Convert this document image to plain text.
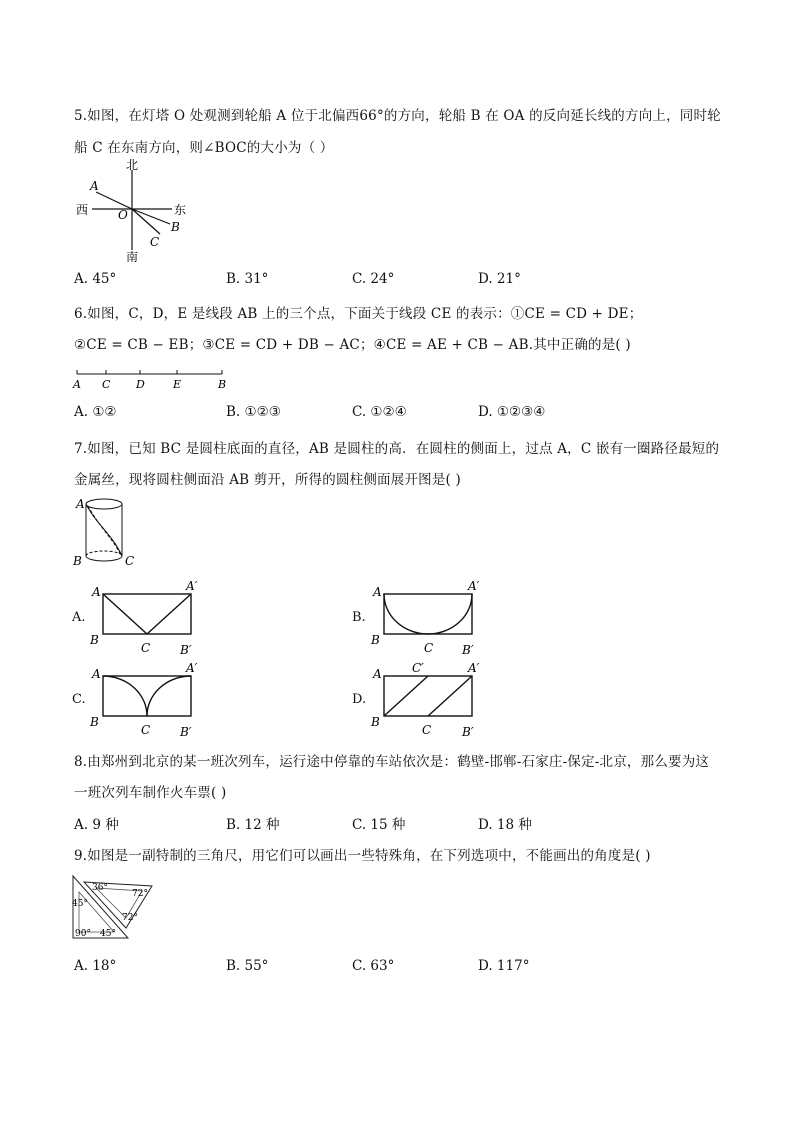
5.如图，在灯塔 O 处观测到轮船 A 位于北偏西66°的方向，轮船 B 在 OA 的反向延长线的方向上，同时轮
船 C 在东南方向，则∠BOC的大小为（ ）
北
南
西	东
A
O
B
C
A. 45°	B. 31°	C. 24°	D. 21°
6.如图，C，D，E 是线段 AB 上的三个点，下面关于线段 CE 的表示：①CE = CD + DE；
②CE = CB − EB；③CE = CD + DB − AC；④CE = AE + CB − AB.其中正确的是( )
A C D	E	B
A. ①②	B. ①②③	C. ①②④	D. ①②③④
7.如图，已知 BC 是圆柱底面的直径，AB 是圆柱的高．在圆柱的侧面上，过点 A，C 嵌有一圈路径最短的
金属丝，现将圆柱侧面沿 AB 剪开，所得的圆柱侧面展开图是( )
A
B	C
A.
A	A′
B
C B′
B.
A	A′
B
C B′
C.
A	A′
B
C B′
D.
A	A′
C′
B
C	B′
8.由郑州到北京的某一班次列车，运行途中停靠的车站依次是：鹤壁-邯郸-石家庄-保定-北京，那么要为这
一班次列车制作火车票( )
A. 9 种	B. 12 种	C. 15 种	D. 18 种
9.如图是一副特制的三角尺，用它们可以画出一些特殊角，在下列选项中，不能画出的角度是( )
36°
72°
72°
45°
90° 45°
A. 18°	B. 55°	C. 63°	D. 117°
